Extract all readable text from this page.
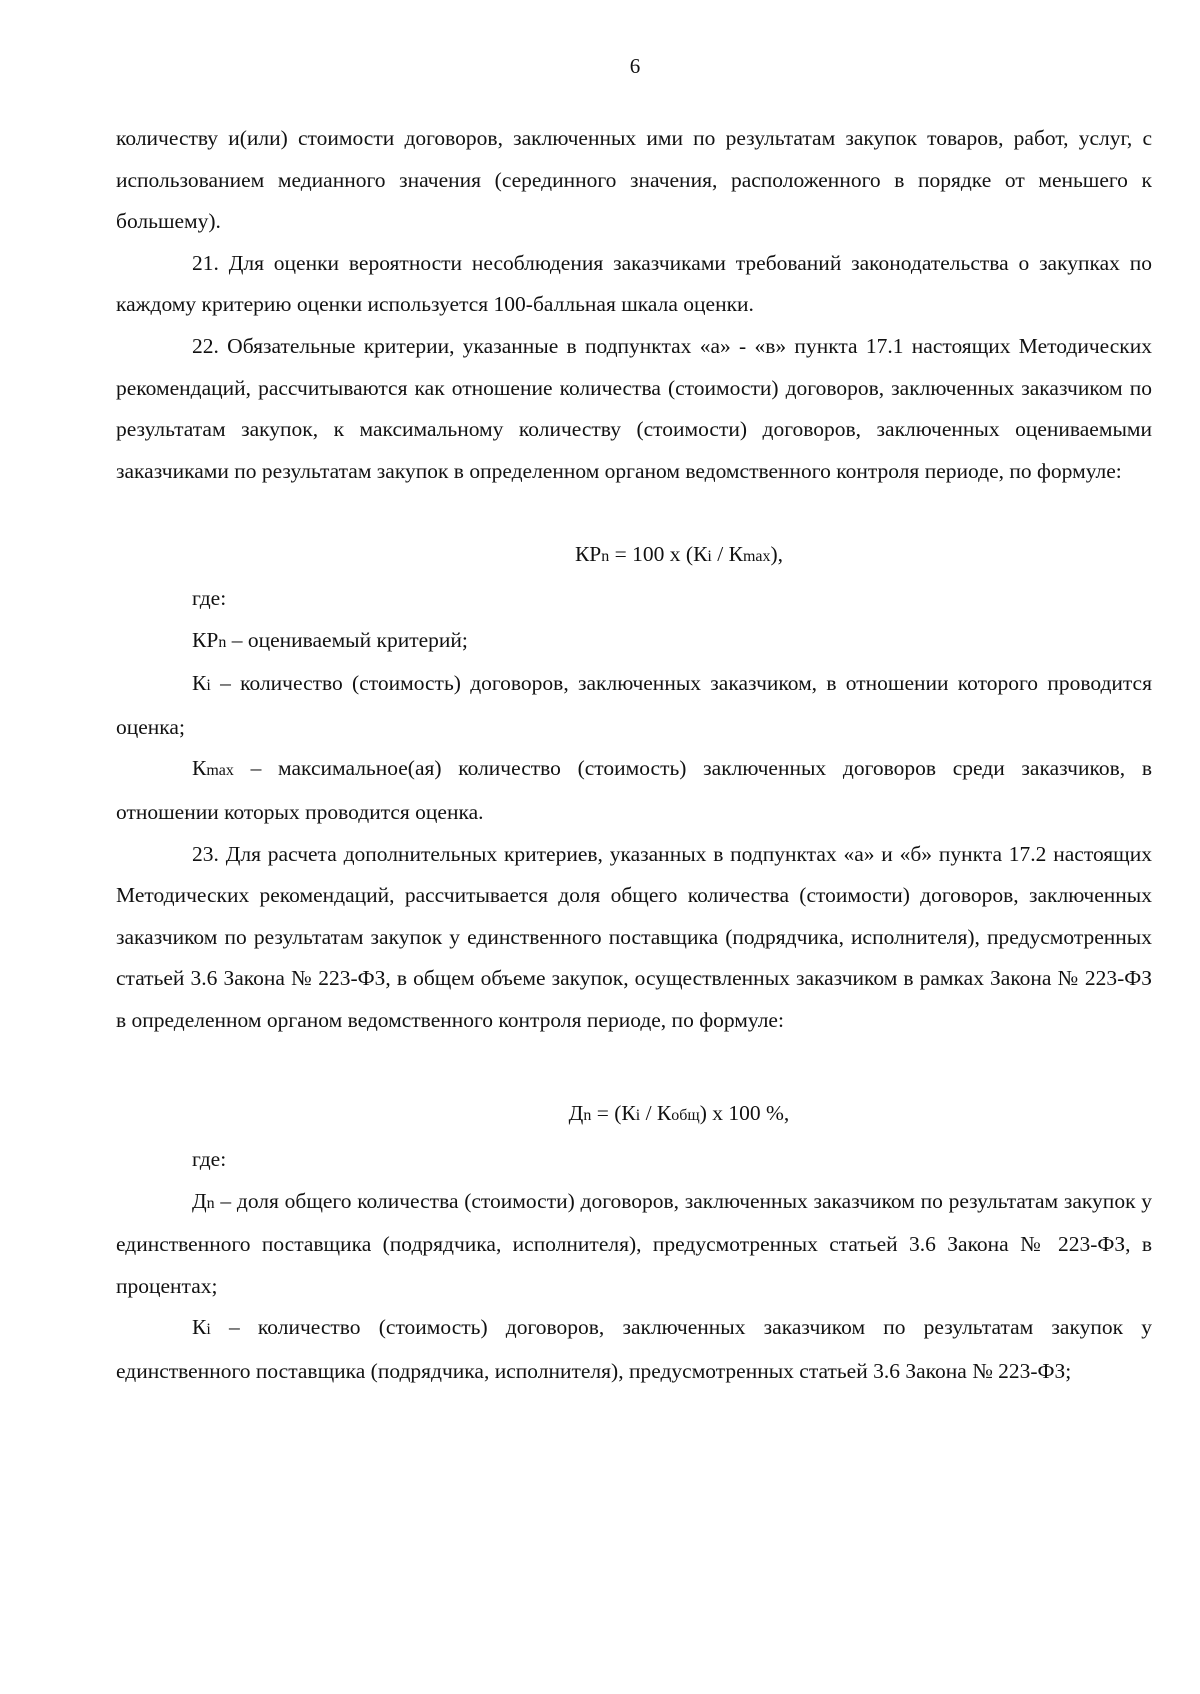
6

количеству и(или) стоимости договоров, заключенных ими по результатам закупок товаров, работ, услуг, с использованием медианного значения (серединного значения, расположенного в порядке от меньшего к большему).

21. Для оценки вероятности несоблюдения заказчиками требований законодательства о закупках по каждому критерию оценки используется 100-балльная шкала оценки.

22. Обязательные критерии, указанные в подпунктах «а» - «в» пункта 17.1 настоящих Методических рекомендаций, рассчитываются как отношение количества (стоимости) договоров, заключенных заказчиком по результатам закупок, к максимальному количеству (стоимости) договоров, заключенных оцениваемыми заказчиками по результатам закупок в определенном органом ведомственного контроля периоде, по формуле:

КРn = 100 x (Кi / Кmax),

где:

КРn – оцениваемый критерий;

Кi – количество (стоимость) договоров, заключенных заказчиком, в отношении которого проводится оценка;

Кmax – максимальное(ая) количество (стоимость) заключенных договоров среди заказчиков, в отношении которых проводится оценка.

23. Для расчета дополнительных критериев, указанных в подпунктах «а» и «б» пункта 17.2 настоящих Методических рекомендаций, рассчитывается доля общего количества (стоимости) договоров, заключенных заказчиком по результатам закупок у единственного поставщика (подрядчика, исполнителя), предусмотренных статьей 3.6 Закона № 223-ФЗ, в общем объеме закупок, осуществленных заказчиком в рамках Закона № 223-ФЗ в определенном органом ведомственного контроля периоде, по формуле:

Дn = (Кi / Кобщ) x 100 %,

где:

Дn – доля общего количества (стоимости) договоров, заключенных заказчиком по результатам закупок у единственного поставщика (подрядчика, исполнителя), предусмотренных статьей 3.6 Закона № 223-ФЗ, в процентах;

Кi – количество (стоимость) договоров, заключенных заказчиком по результатам закупок у единственного поставщика (подрядчика, исполнителя), предусмотренных статьей 3.6 Закона № 223-ФЗ;
